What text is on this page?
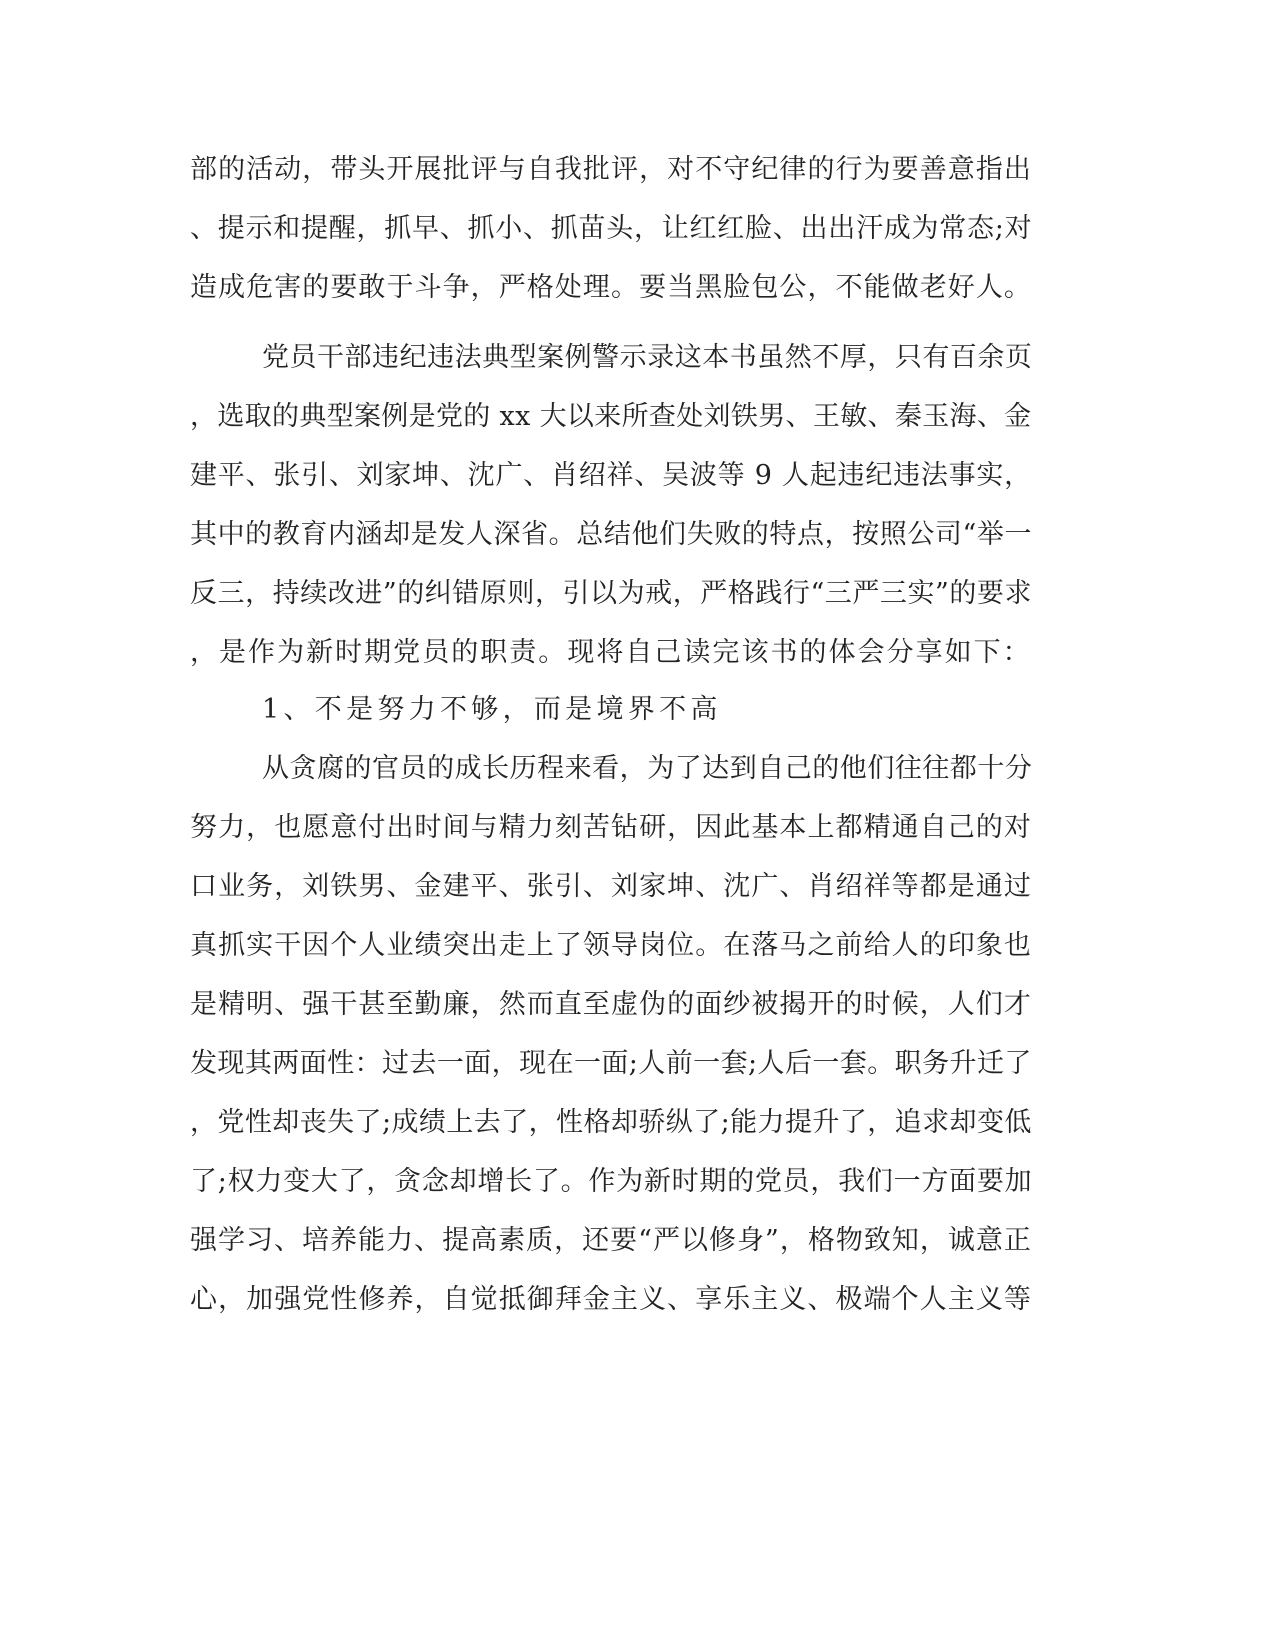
部的活动，带头开展批评与自我批评，对不守纪律的行为要善意指出
、提示和提醒，抓早、抓小、抓苗头，让红红脸、出出汗成为常态;对
造成危害的要敢于斗争，严格处理。要当黑脸包公，不能做老好人。
党员干部违纪违法典型案例警示录这本书虽然不厚，只有百余页
，选取的典型案例是党的 xx 大以来所查处刘铁男、王敏、秦玉海、金
建平、张引、刘家坤、沈广、肖绍祥、吴波等 9 人起违纪违法事实，
其中的教育内涵却是发人深省。总结他们失败的特点，按照公司“举一
反三，持续改进”的纠错原则，引以为戒，严格践行“三严三实”的要求
，是作为新时期党员的职责。现将自己读完该书的体会分享如下：
1、不是努力不够，而是境界不高
从贪腐的官员的成长历程来看，为了达到自己的他们往往都十分
努力，也愿意付出时间与精力刻苦钻研，因此基本上都精通自己的对
口业务，刘铁男、金建平、张引、刘家坤、沈广、肖绍祥等都是通过
真抓实干因个人业绩突出走上了领导岗位。在落马之前给人的印象也
是精明、强干甚至勤廉，然而直至虚伪的面纱被揭开的时候，人们才
发现其两面性：过去一面，现在一面;人前一套;人后一套。职务升迁了
，党性却丧失了;成绩上去了，性格却骄纵了;能力提升了，追求却变低
了;权力变大了，贪念却增长了。作为新时期的党员，我们一方面要加
强学习、培养能力、提高素质，还要“严以修身”，格物致知，诚意正
心，加强党性修养，自觉抵御拜金主义、享乐主义、极端个人主义等
